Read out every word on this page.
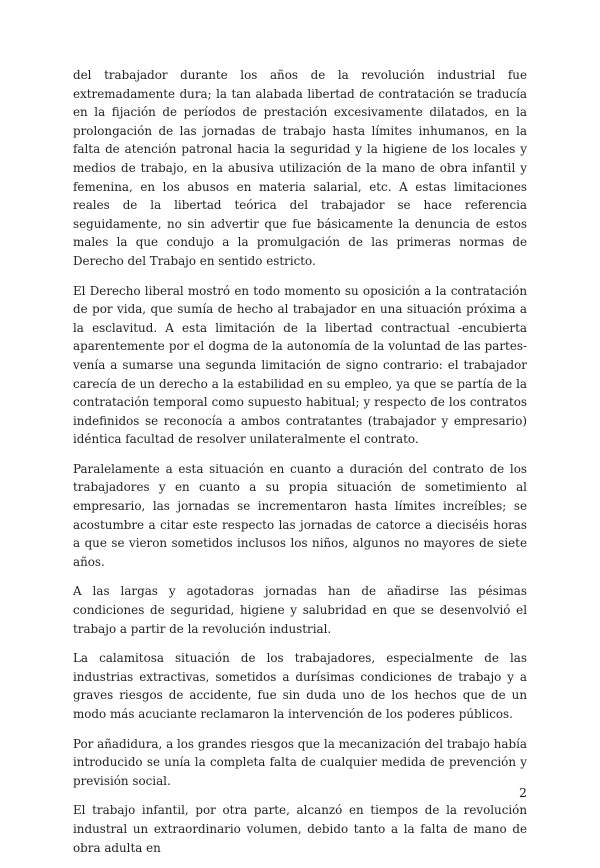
del trabajador durante los años de la revolución industrial fue extremadamente dura; la tan alabada libertad de contratación se traducía en la fijación de períodos de prestación excesivamente dilatados, en la prolongación de las jornadas de trabajo hasta límites inhumanos, en la falta de atención patronal hacia la seguridad y la higiene de los locales y medios de trabajo, en la abusiva utilización de la mano de obra infantil y femenina, en los abusos en materia salarial, etc. A estas limitaciones reales de la libertad teórica del trabajador se hace referencia seguidamente, no sin advertir que fue básicamente la denuncia de estos males la que condujo a la promulgación de las primeras normas de Derecho del Trabajo en sentido estricto.

El Derecho liberal mostró en todo momento su oposición a la contratación de por vida, que sumía de hecho al trabajador en una situación próxima a la esclavitud. A esta limitación de la libertad contractual -encubierta aparentemente por el dogma de la autonomía de la voluntad de las partes- venía a sumarse una segunda limitación de signo contrario: el trabajador carecía de un derecho a la estabilidad en su empleo, ya que se partía de la contratación temporal como supuesto habitual; y respecto de los contratos indefinidos se reconocía a ambos contratantes (trabajador y empresario) idéntica facultad de resolver unilateralmente el contrato.

Paralelamente a esta situación en cuanto a duración del contrato de los trabajadores y en cuanto a su propia situación de sometimiento al empresario, las jornadas se incrementaron hasta límites increíbles; se acostumbre a citar este respecto las jornadas de catorce a dieciséis horas a que se vieron sometidos inclusos los niños, algunos no mayores de siete años.

A las largas y agotadoras jornadas han de añadirse las pésimas condiciones de seguridad, higiene y salubridad en que se desenvolvió el trabajo a partir de la revolución industrial.

La calamitosa situación de los trabajadores, especialmente de las industrias extractivas, sometidos a durísimas condiciones de trabajo y a graves riesgos de accidente, fue sin duda uno de los hechos que de un modo más acuciante reclamaron la intervención de los poderes públicos.

Por añadidura, a los grandes riesgos que la mecanización del trabajo había introducido se unía la completa falta de cualquier medida de prevención y previsión social.

El trabajo infantil, por otra parte, alcanzó en tiempos de la revolución industral un extraordinario volumen, debido tanto a la falta de mano de obra adulta en

2
